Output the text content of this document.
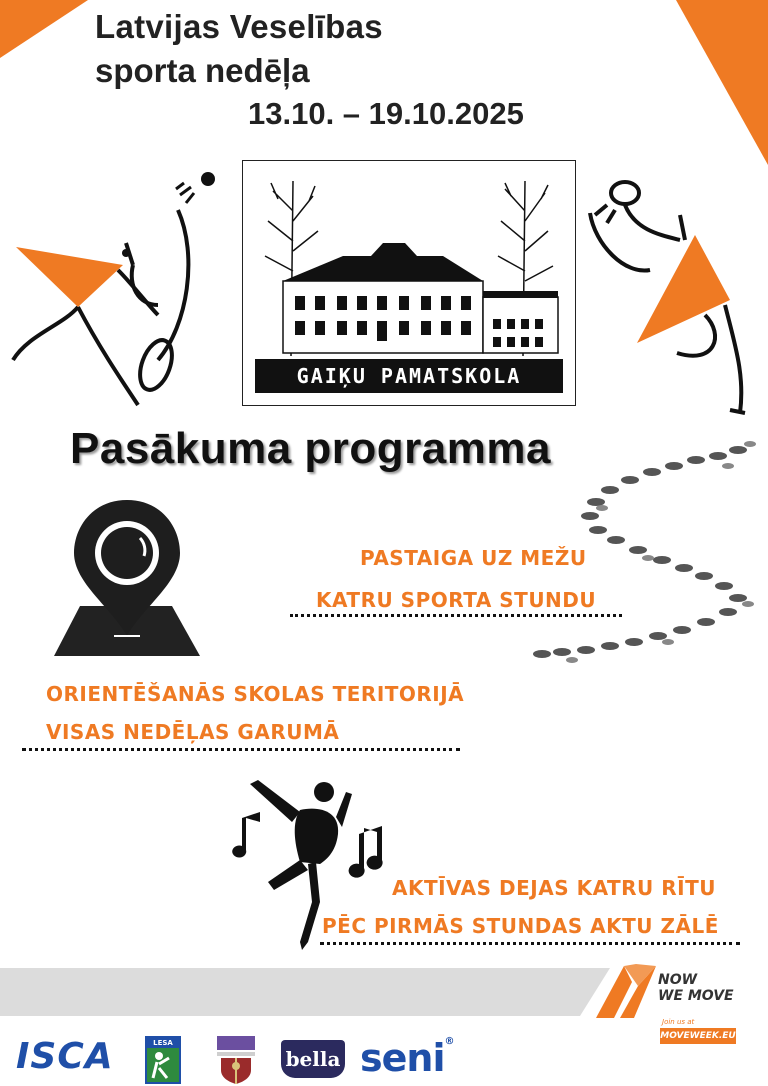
Latvijas Veselības
sporta nedēļa
13.10. – 19.10.2025
GAIĶU PAMATSKOLA
Pasākuma programma
PASTAIGA UZ MEŽU
KATRU SPORTA STUNDU
ORIENTĒŠANĀS SKOLAS TERITORIJĀ
VISAS NEDĒĻAS GARUMĀ
AKTĪVAS DEJAS KATRU RĪTU
PĒC PIRMĀS STUNDAS AKTU ZĀLĒ
NOW
WE MOVE
Join us at
MOVEWEEK.EU
ISCA	LESA
bella seni®
